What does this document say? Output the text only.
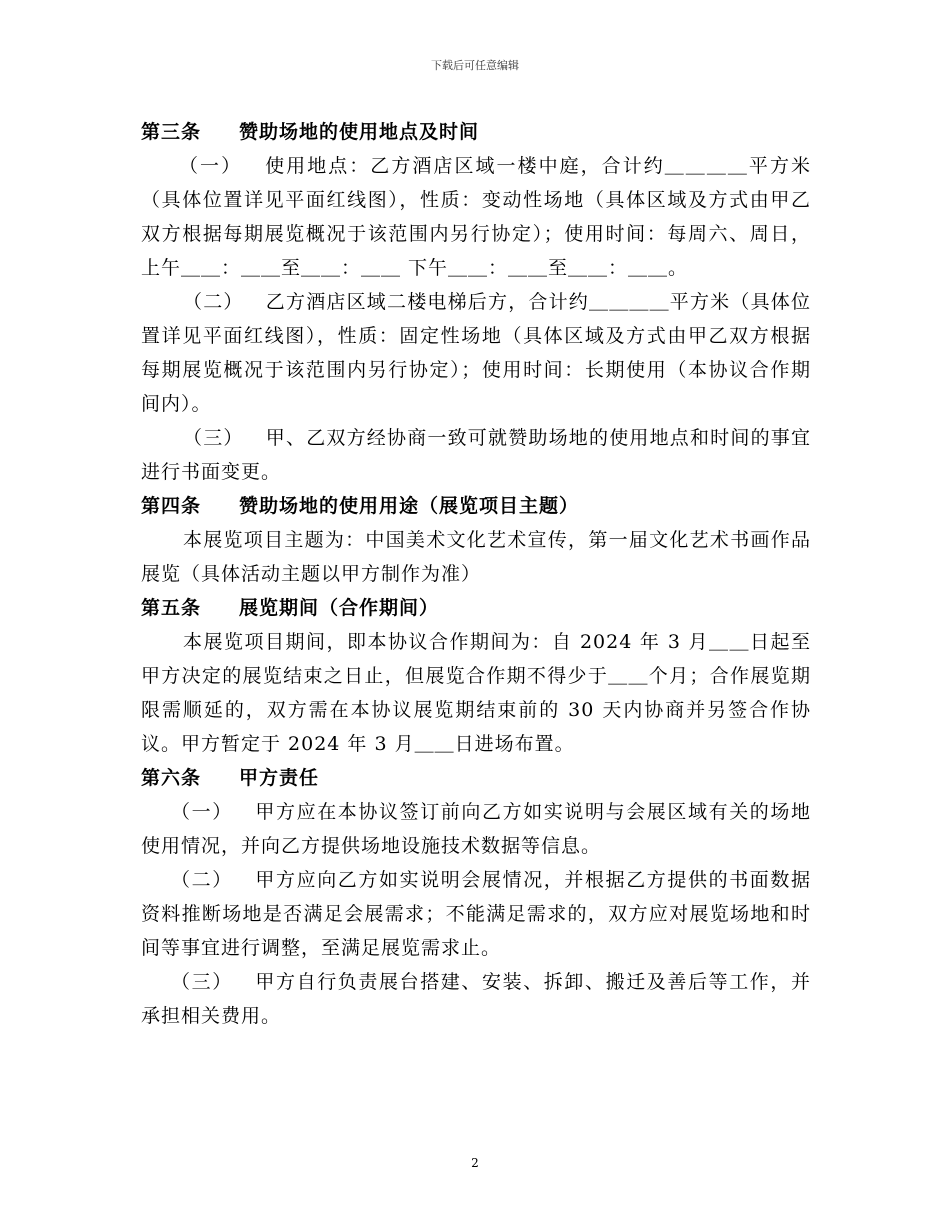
下载后可任意编辑

第三条 赞助场地的使用地点及时间

（一） 使用地点：乙方酒店区域一楼中庭，合计约＿＿＿＿平方米（具体位置详见平面红线图），性质：变动性场地（具体区域及方式由甲乙双方根据每期展览概况于该范围内另行协定）；使用时间：每周六、周日，上午＿＿：＿＿至＿＿：＿＿ 下午＿＿：＿＿至＿＿：＿＿。

（二） 乙方酒店区域二楼电梯后方，合计约＿＿＿＿平方米（具体位置详见平面红线图），性质：固定性场地（具体区域及方式由甲乙双方根据每期展览概况于该范围内另行协定）；使用时间：长期使用（本协议合作期间内）。

（三） 甲、乙双方经协商一致可就赞助场地的使用地点和时间的事宜进行书面变更。

第四条 赞助场地的使用用途（展览项目主题）

本展览项目主题为：中国美术文化艺术宣传，第一届文化艺术书画作品展览（具体活动主题以甲方制作为准）

第五条 展览期间（合作期间）

本展览项目期间，即本协议合作期间为：自 2024 年 3 月＿＿日起至甲方决定的展览结束之日止，但展览合作期不得少于＿＿个月；合作展览期限需顺延的，双方需在本协议展览期结束前的 30 天内协商并另签合作协议。甲方暂定于 2024 年 3 月＿＿日进场布置。

第六条 甲方责任

（一） 甲方应在本协议签订前向乙方如实说明与会展区域有关的场地使用情况，并向乙方提供场地设施技术数据等信息。

（二） 甲方应向乙方如实说明会展情况，并根据乙方提供的书面数据资料推断场地是否满足会展需求；不能满足需求的，双方应对展览场地和时间等事宜进行调整，至满足展览需求止。

（三） 甲方自行负责展台搭建、安装、拆卸、搬迁及善后等工作，并承担相关费用。

2
